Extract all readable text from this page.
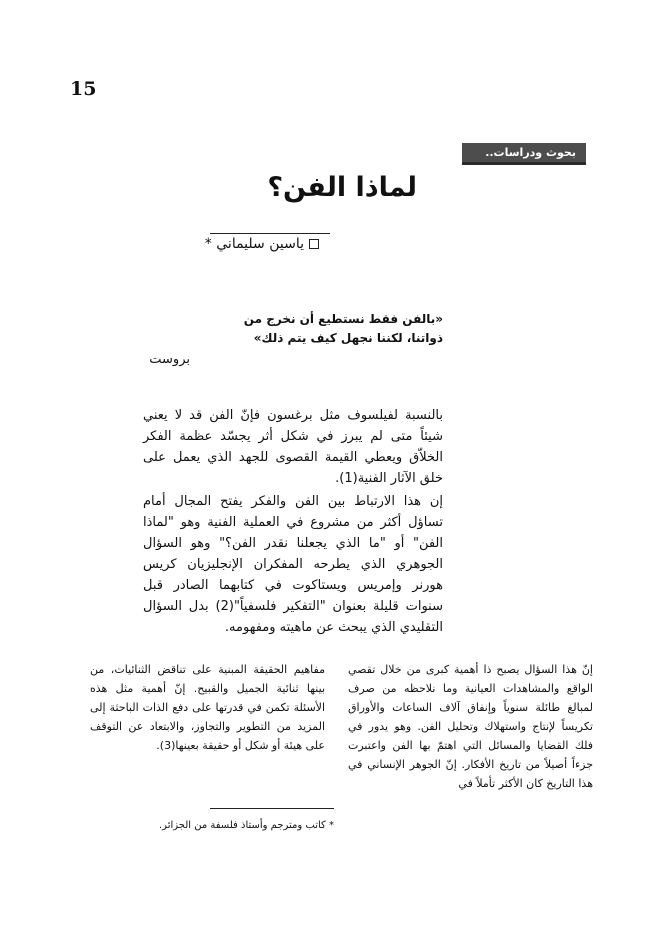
15
بحوث ودراسات..
لماذا الفن؟
ياسين سليماني *
«بالفن فقط نستطيع أن نخرج من ذواتنا، لكننا نجهل كيف يتم ذلك»
بروست

بالنسبة لفيلسوف مثل برغسون فإنّ الفن قد لا يعني شيئاً متى لم يبرز في شكل أثر يجسّد عظمة الفكر الخلاّق ويعطي القيمة القصوى للجهد الذي يعمل على خلق الآثار الفنية(1).

إن هذا الارتباط بين الفن والفكر يفتح المجال أمام تساؤل أكثر من مشروع في العملية الفنية وهو "لماذا الفن" أو "ما الذي يجعلنا نقدر الفن؟" وهو السؤال الجوهري الذي يطرحه المفكران الإنجليزيان كريس هورنر وإمريس ويستاكوت في كتابهما الصادر قبل سنوات قليلة بعنوان "التفكير فلسفياً"(2) بدل السؤال التقليدي الذي يبحث عن ماهيته ومفهومه.

إنّ هذا السؤال يصبح ذا أهمية كبرى من خلال تقصي الواقع والمشاهدات العيانية وما نلاحظه من صرف لمبالغ طائلة سنوياً وإنفاق آلاف الساعات والأوراق تكريساً لإنتاج واستهلاك وتحليل الفن. وهو يدور في فلك القضايا والمسائل التي اهتمّ بها الفن واعتبرت جزءاً أصيلاً من تاريخ الأفكار. إنّ الجوهر الإنساني في هذا التاريخ كان الأكثر تأملاً في
مفاهيم الحقيقة المبنية على تناقض الثنائيات، من بينها ثنائية الجميل والقبيح. إنّ أهمية مثل هذه الأسئلة تكمن في قدرتها على دفع الذات الباحثة إلى المزيد من التطوير والتجاوز، والابتعاد عن التوقف على هيئة أو شكل أو حقيقة بعينها(3).
* كاتب ومترجم وأستاذ فلسفة من الجزائر.
